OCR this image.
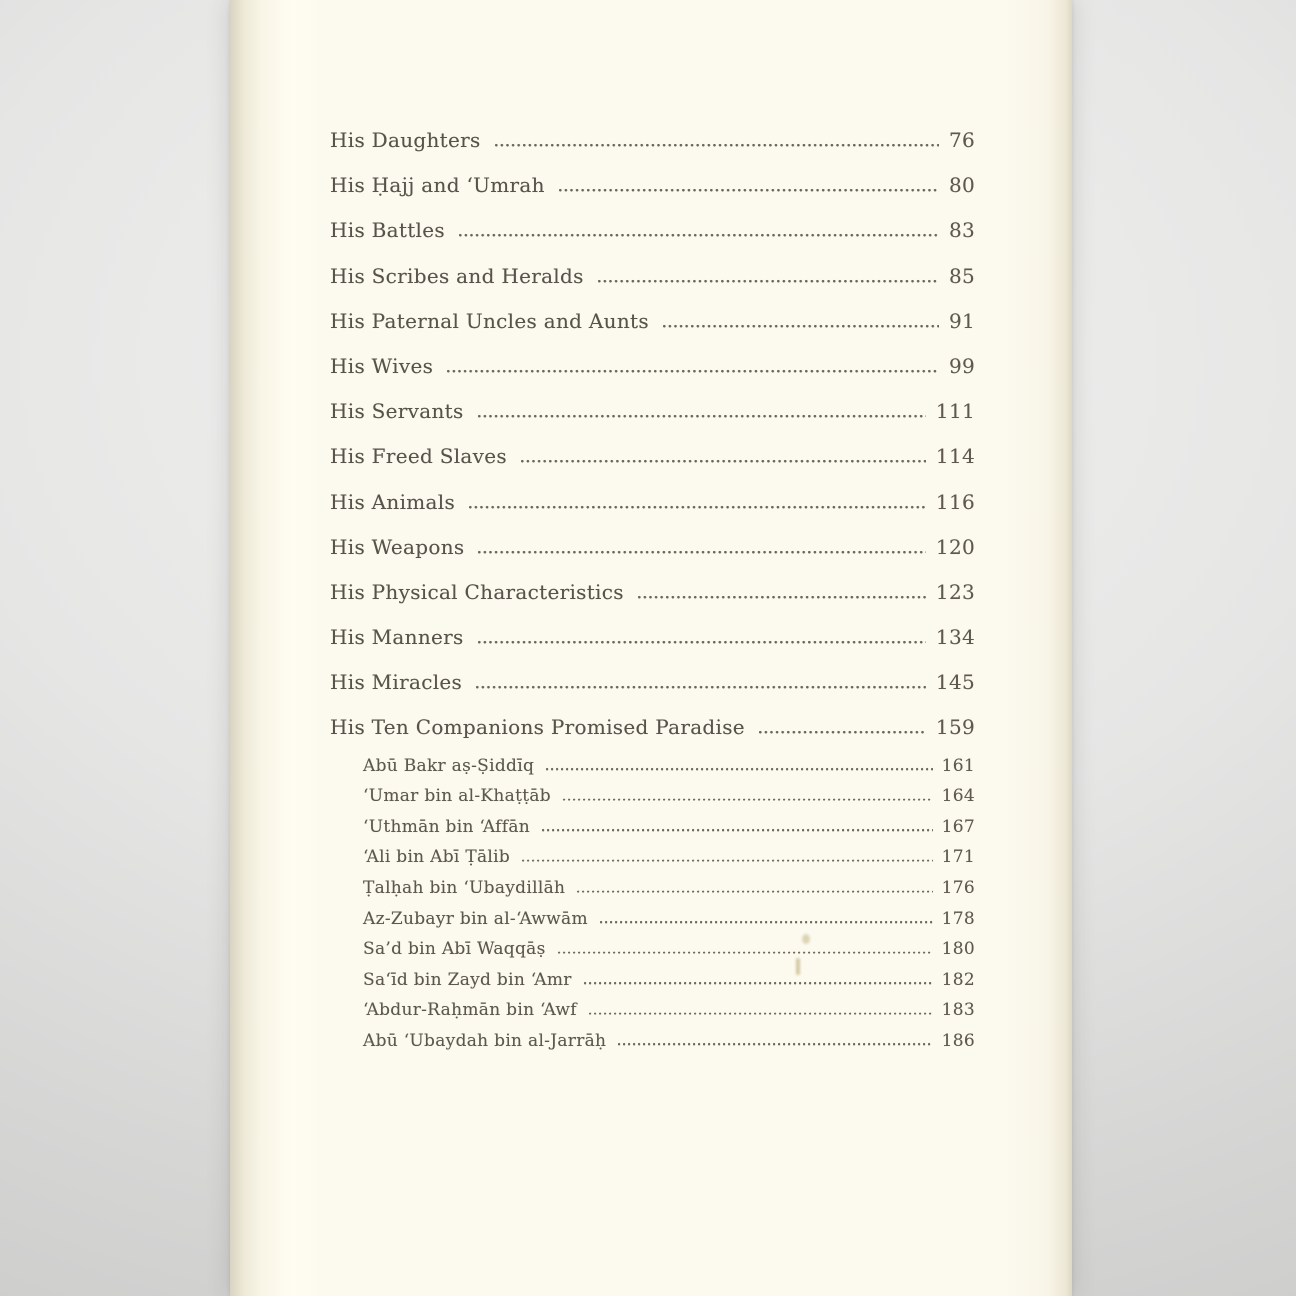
His Daughters	76
His Ḥajj and ‘Umrah	80
His Battles	83
His Scribes and Heralds	85
His Paternal Uncles and Aunts	91
His Wives	99
His Servants	111
His Freed Slaves	114
His Animals	116
His Weapons	120
His Physical Characteristics	123
His Manners	134
His Miracles	145
His Ten Companions Promised Paradise	159
Abū Bakr aṣ-Ṣiddīq	161
‘Umar bin al-Khaṭṭāb	164
‘Uthmān bin ‘Affān	167
‘Ali bin Abī Ṭālib	171
Ṭalḥah bin ‘Ubaydillāh	176
Az-Zubayr bin al-‘Awwām	178
Sa’d bin Abī Waqqāṣ	180
Sa‘īd bin Zayd bin ‘Amr	182
‘Abdur-Raḥmān bin ‘Awf	183
Abū ‘Ubaydah bin al-Jarrāḥ	186
